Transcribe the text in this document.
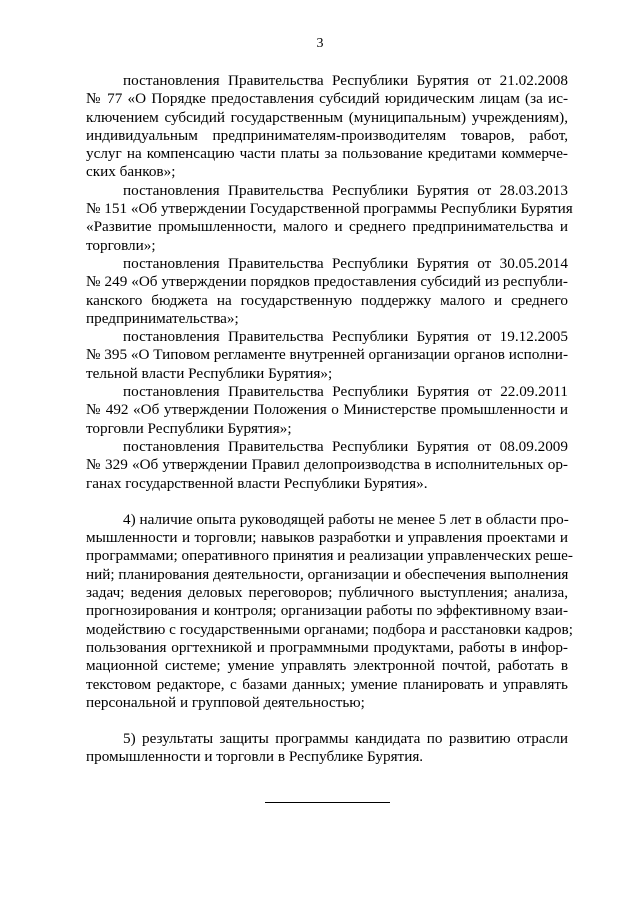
3
постановления Правительства Республики Бурятия от 21.02.2008
№ 77 «О Порядке предоставления субсидий юридическим лицам (за ис-
ключением субсидий государственным (муниципальным) учреждениям),
индивидуальным предпринимателям-производителям товаров, работ,
услуг на компенсацию части платы за пользование кредитами коммерче-
ских банков»;
постановления Правительства Республики Бурятия от 28.03.2013
№ 151 «Об утверждении Государственной программы Республики Бурятия
«Развитие промышленности, малого и среднего предпринимательства и
торговли»;
постановления Правительства Республики Бурятия от 30.05.2014
№ 249 «Об утверждении порядков предоставления субсидий из республи-
канского бюджета на государственную поддержку малого и среднего
предпринимательства»;
постановления Правительства Республики Бурятия от 19.12.2005
№ 395 «О Типовом регламенте внутренней организации органов исполни-
тельной власти Республики Бурятия»;
постановления Правительства Республики Бурятия от 22.09.2011
№ 492 «Об утверждении Положения о Министерстве промышленности и
торговли Республики Бурятия»;
постановления Правительства Республики Бурятия от 08.09.2009
№ 329 «Об утверждении Правил делопроизводства в исполнительных ор-
ганах государственной власти Республики Бурятия».
4) наличие опыта руководящей работы не менее 5 лет в области про-
мышленности и торговли; навыков разработки и управления проектами и
программами; оперативного принятия и реализации управленческих реше-
ний; планирования деятельности, организации и обеспечения выполнения
задач; ведения деловых переговоров; публичного выступления; анализа,
прогнозирования и контроля; организации работы по эффективному взаи-
модействию с государственными органами; подбора и расстановки кадров;
пользования оргтехникой и программными продуктами, работы в инфор-
мационной системе; умение управлять электронной почтой, работать в
текстовом редакторе, с базами данных; умение планировать и управлять
персональной и групповой деятельностью;
5) результаты защиты программы кандидата по развитию отрасли
промышленности и торговли в Республике Бурятия.
